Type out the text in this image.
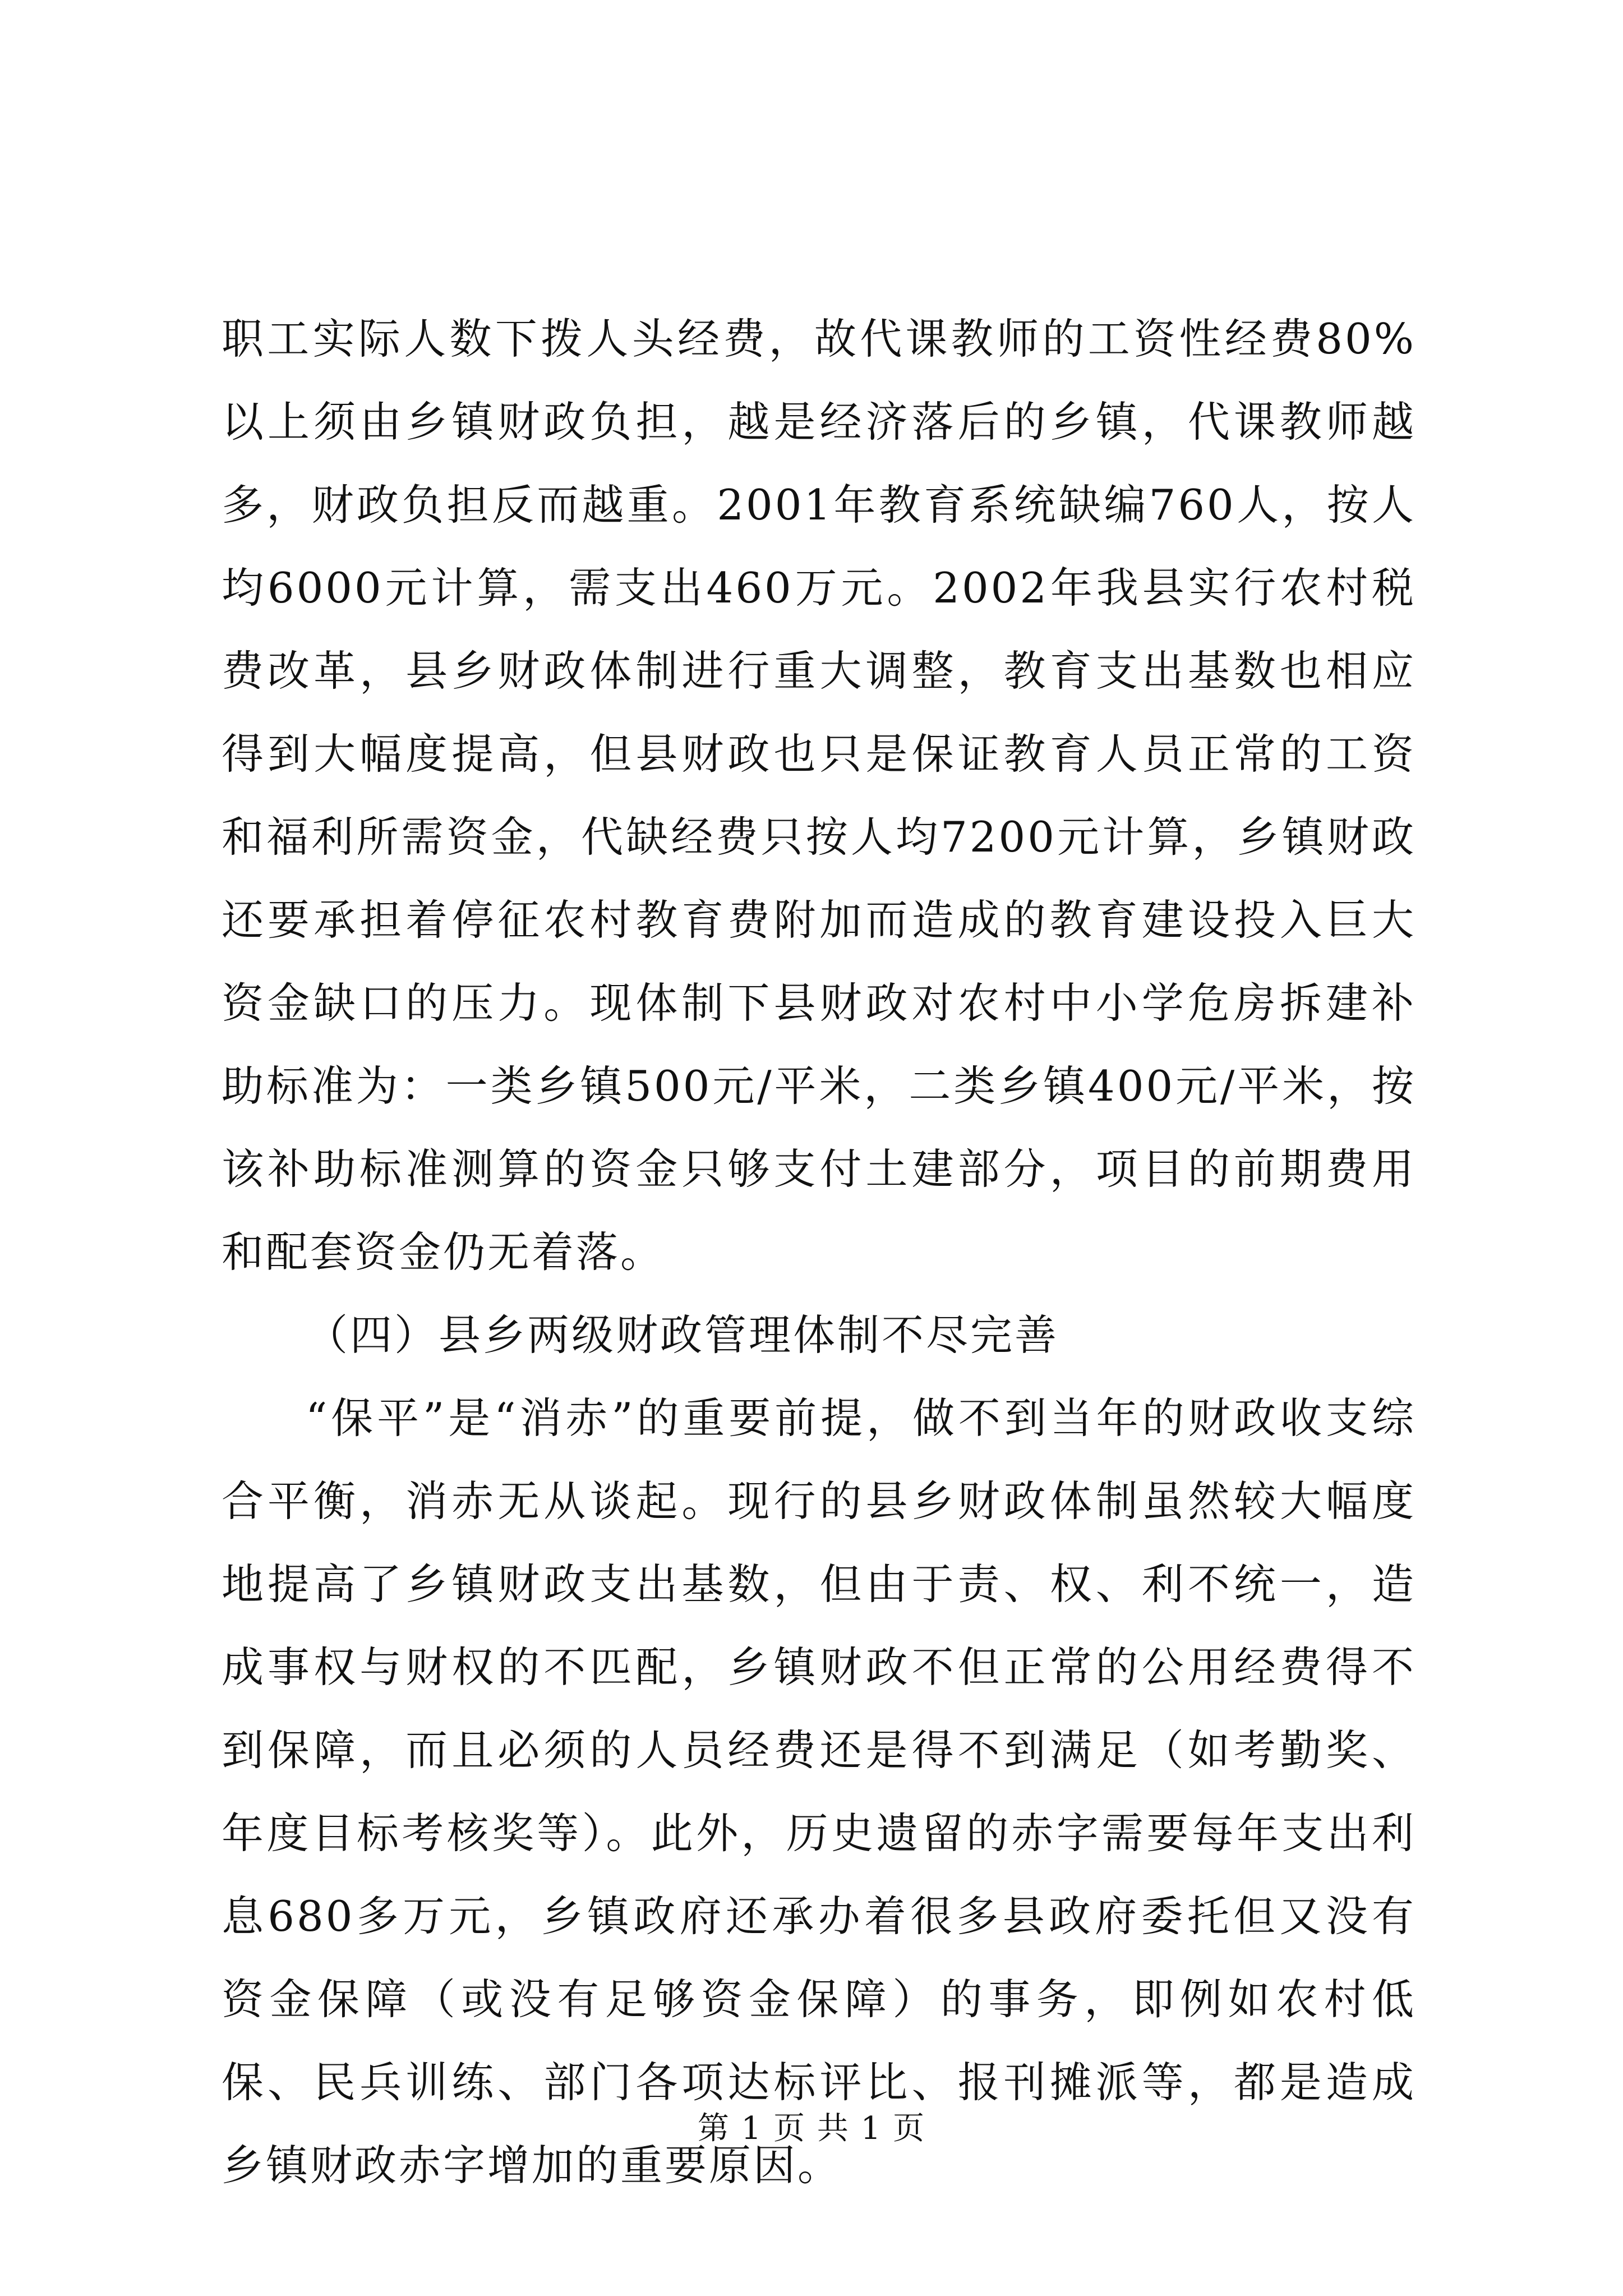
职工实际人数下拨人头经费，故代课教师的工资性经费80%以上须由乡镇财政负担，越是经济落后的乡镇，代课教师越多，财政负担反而越重。2001年教育系统缺编760人，按人均6000元计算，需支出460万元。2002年我县实行农村税费改革，县乡财政体制进行重大调整，教育支出基数也相应得到大幅度提高，但县财政也只是保证教育人员正常的工资和福利所需资金，代缺经费只按人均7200元计算，乡镇财政还要承担着停征农村教育费附加而造成的教育建设投入巨大资金缺口的压力。现体制下县财政对农村中小学危房拆建补助标准为：一类乡镇500元/平米，二类乡镇400元/平米，按该补助标准测算的资金只够支付土建部分，项目的前期费用和配套资金仍无着落。

（四）县乡两级财政管理体制不尽完善

“保平”是“消赤”的重要前提，做不到当年的财政收支综合平衡，消赤无从谈起。现行的县乡财政体制虽然较大幅度地提高了乡镇财政支出基数，但由于责、权、利不统一，造成事权与财权的不匹配，乡镇财政不但正常的公用经费得不到保障，而且必须的人员经费还是得不到满足（如考勤奖、年度目标考核奖等）。此外，历史遗留的赤字需要每年支出利息680多万元，乡镇政府还承办着很多县政府委托但又没有资金保障（或没有足够资金保障）的事务，即例如农村低保、民兵训练、部门各项达标评比、报刊摊派等，都是造成乡镇财政赤字增加的重要原因。

第 1 页 共 1 页
